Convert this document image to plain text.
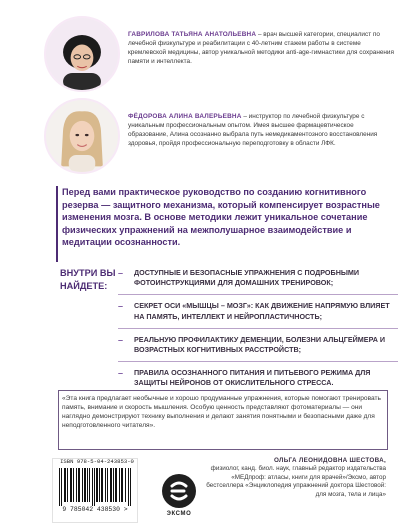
ГАВРИЛОВА ТАТЬЯНА АНАТОЛЬЕВНА – врач высшей категории, специалист по лечебной физкультуре и реабилитации с 40-летним стажем работы в системе кремлевской медицины, автор уникальной методики anti-age-гимнастики для сохранения памяти и интеллекта.
ФЁДОРОВА АЛИНА ВАЛЕРЬЕВНА – инструктор по лечебной физкультуре с уникальным профессиональным опытом. Имея высшее фармацевтическое образование, Алина осознанно выбрала путь немедикаментозного восстановления здоровья, пройдя профессиональную переподготовку в области ЛФК.
Перед вами практическое руководство по созданию когнитивного резерва — защитного механизма, который компенсирует возрастные изменения мозга. В основе методики лежит уникальное сочетание физических упражнений на межполушарное взаимодействие и медитации осознанности.
ВНУТРИ ВЫ НАЙДЕТЕ:
– ДОСТУПНЫЕ И БЕЗОПАСНЫЕ УПРАЖНЕНИЯ С ПОДРОБНЫМИ ФОТОИНСТРУКЦИЯМИ ДЛЯ ДОМАШНИХ ТРЕНИРОВОК;
– СЕКРЕТ ОСИ «МЫШЦЫ – МОЗГ»: КАК ДВИЖЕНИЕ НАПРЯМУЮ ВЛИЯЕТ НА ПАМЯТЬ, ИНТЕЛЛЕКТ И НЕЙРОПЛАСТИЧНОСТЬ;
– РЕАЛЬНУЮ ПРОФИЛАКТИКУ ДЕМЕНЦИИ, БОЛЕЗНИ АЛЬЦГЕЙМЕРА И ВОЗРАСТНЫХ КОГНИТИВНЫХ РАССТРОЙСТВ;
– ПРАВИЛА ОСОЗНАННОГО ПИТАНИЯ И ПИТЬЕВОГО РЕЖИМА ДЛЯ ЗАЩИТЫ НЕЙРОНОВ ОТ ОКИСЛИТЕЛЬНОГО СТРЕССА.
«Эта книга предлагает необычные и хорошо продуманные упражнения, которые помогают тренировать память, внимание и скорость мышления. Особую ценность представляют фотоматериалы — они наглядно демонстрируют технику выполнения и делают занятия понятными и безопасными даже для неподготовленного читателя».
ISBN 978-5-04-243853-0
9 785042 438530 >
ЭКСМО
ОЛЬГА ЛЕОНИДОВНА ШЕСТОВА,
физиолог, канд. биол. наук, главный редактор издательства «МЕДпроф: атласы, книги для врачей»/Эксмо, автор бестселлера «Энциклопедия упражнений доктора Шестовой: для мозга, тела и лица»
